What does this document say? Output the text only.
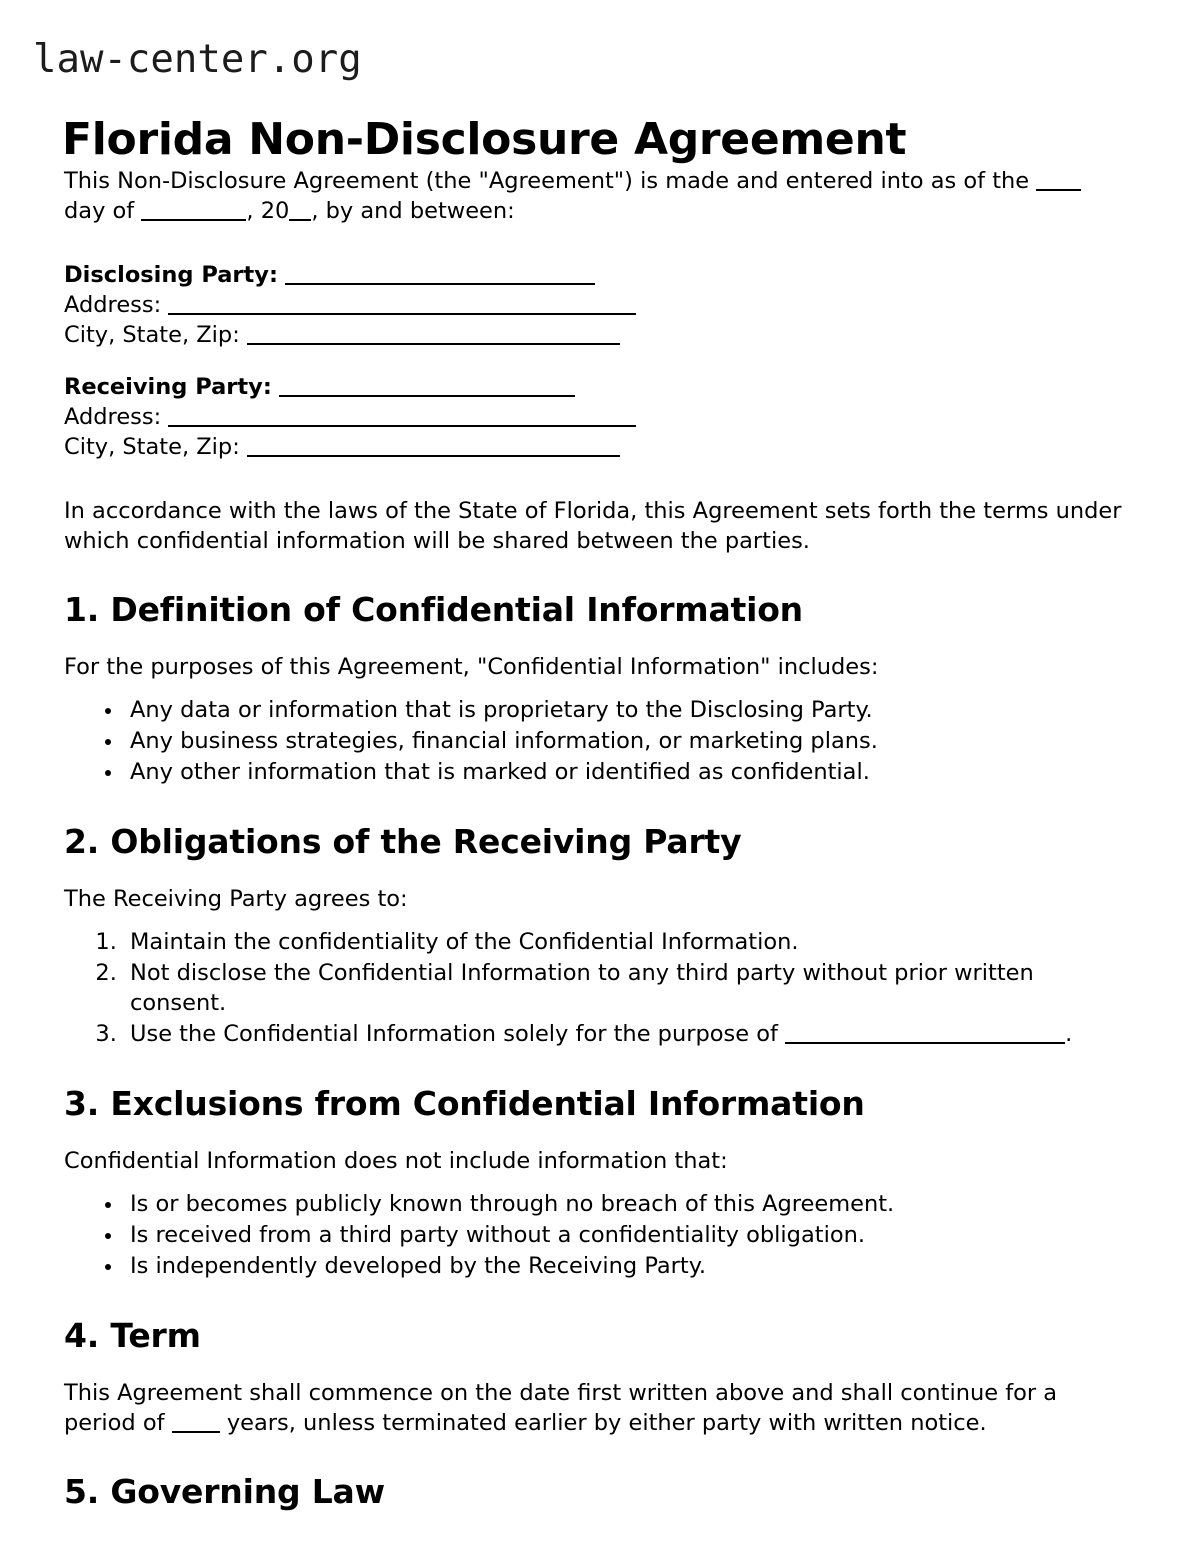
law-center.org
Florida Non-Disclosure Agreement

This Non-Disclosure Agreement (the "Agreement") is made and entered into as of the  day of	, 20 , by and between:

Disclosing Party:
Address:
City, State, Zip:
Receiving Party:
Address:
City, State, Zip:

In accordance with the laws of the State of Florida, this Agreement sets forth the terms under which confidential information will be shared between the parties.

1. Definition of Confidential Information

For the purposes of this Agreement, "Confidential Information" includes:

• Any data or information that is proprietary to the Disclosing Party.
• Any business strategies, financial information, or marketing plans.
• Any other information that is marked or identified as confidential.
2. Obligations of the Receiving Party

The Receiving Party agrees to:

1. Maintain the confidentiality of the Confidential Information.
2. Not disclose the Confidential Information to any third party without prior written consent.
3. Use the Confidential Information solely for the purpose of	.
3. Exclusions from Confidential Information

Confidential Information does not include information that:

• Is or becomes publicly known through no breach of this Agreement.
• Is received from a third party without a confidentiality obligation.
• Is independently developed by the Receiving Party.
4. Term

This Agreement shall commence on the date first written above and shall continue for a period of	years, unless terminated earlier by either party with written notice.

5. Governing Law
